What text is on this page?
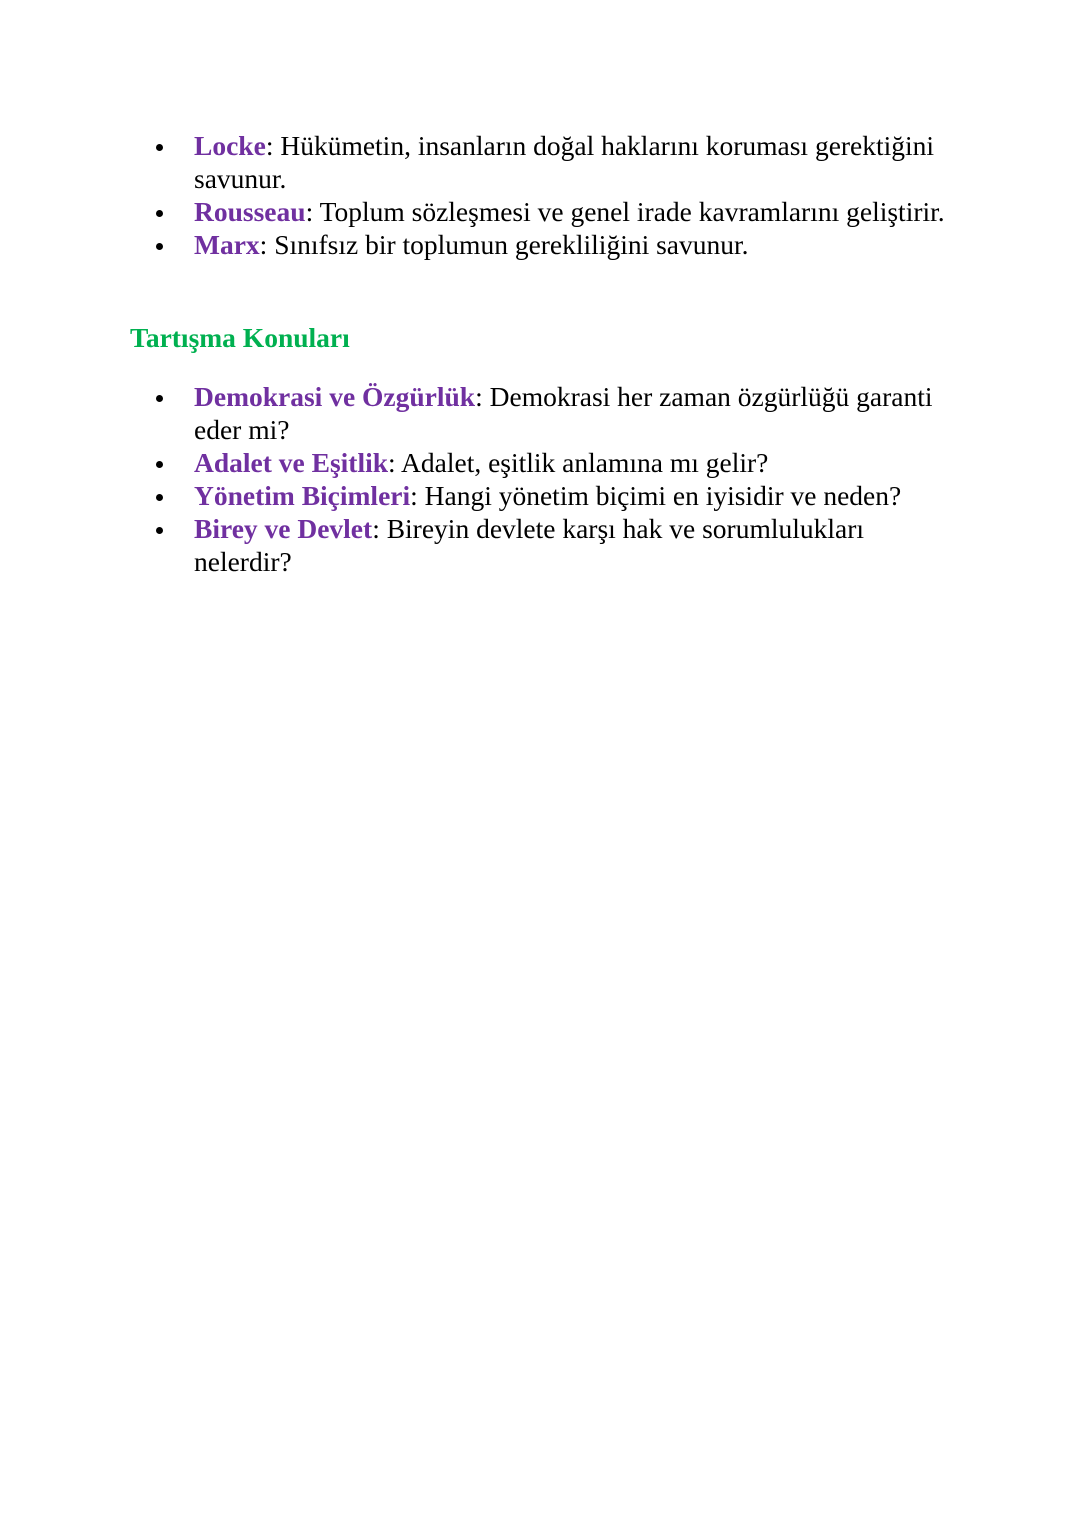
Locke: Hükümetin, insanların doğal haklarını koruması gerektiğini savunur.
Rousseau: Toplum sözleşmesi ve genel irade kavramlarını geliştirir.
Marx: Sınıfsız bir toplumun gerekliliğini savunur.
Tartışma Konuları
Demokrasi ve Özgürlük: Demokrasi her zaman özgürlüğü garanti eder mi?
Adalet ve Eşitlik: Adalet, eşitlik anlamına mı gelir?
Yönetim Biçimleri: Hangi yönetim biçimi en iyisidir ve neden?
Birey ve Devlet: Bireyin devlete karşı hak ve sorumlulukları nelerdir?
